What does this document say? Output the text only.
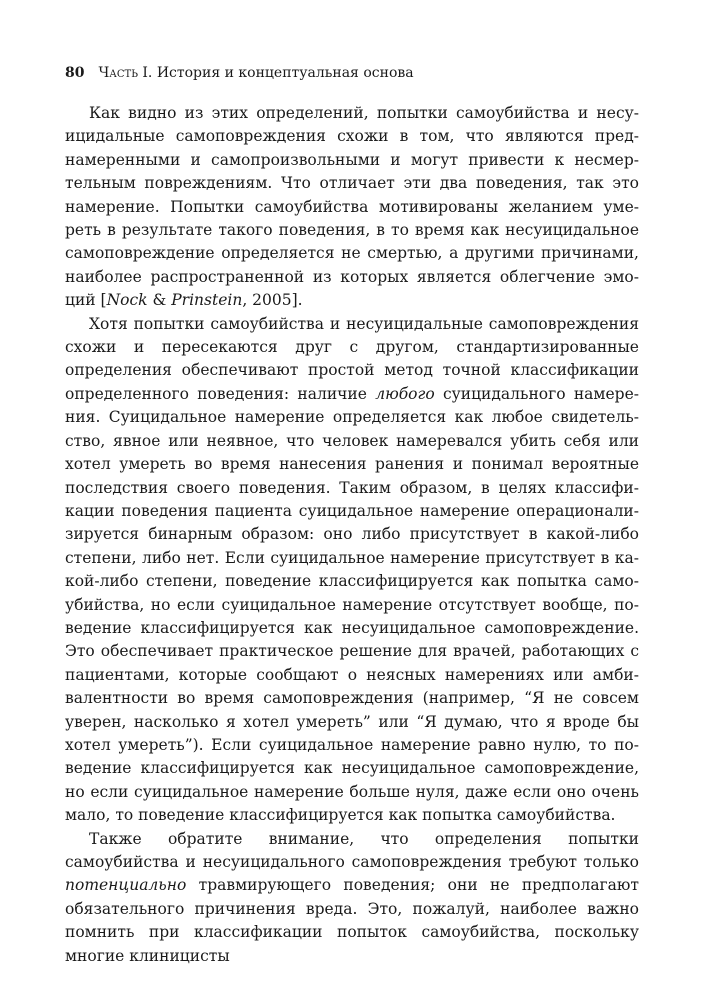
80 Часть I. История и концептуальная основа

Как видно из этих определений, попытки самоубийства и несуицидальные самоповреждения схожи в том, что являются преднамеренными и самопроизвольными и могут привести к несмертельным повреждениям. Что отличает эти два поведения, так это намерение. Попытки самоубийства мотивированы желанием умереть в результате такого поведения, в то время как несуицидальное самоповреждение определяется не смертью, а другими причинами, наиболее распространенной из которых является облегчение эмоций [Nock & Prinstein, 2005].

Хотя попытки самоубийства и несуицидальные самоповреждения схожи и пересекаются друг с другом, стандартизированные определения обеспечивают простой метод точной классификации определенного поведения: наличие любого суицидального намерения. Суицидальное намерение определяется как любое свидетельство, явное или неявное, что человек намеревался убить себя или хотел умереть во время нанесения ранения и понимал вероятные последствия своего поведения. Таким образом, в целях классификации поведения пациента суицидальное намерение операционализируется бинарным образом: оно либо присутствует в какой-либо степени, либо нет. Если суицидальное намерение присутствует в какой-либо степени, поведение классифицируется как попытка самоубийства, но если суицидальное намерение отсутствует вообще, поведение классифицируется как несуицидальное самоповреждение. Это обеспечивает практическое решение для врачей, работающих с пациентами, которые сообщают о неясных намерениях или амбивалентности во время самоповреждения (например, “Я не совсем уверен, насколько я хотел умереть” или “Я думаю, что я вроде бы хотел умереть”). Если суицидальное намерение равно нулю, то поведение классифицируется как несуицидальное самоповреждение, но если суицидальное намерение больше нуля, даже если оно очень мало, то поведение классифицируется как попытка самоубийства.

Также обратите внимание, что определения попытки самоубийства и несуицидального самоповреждения требуют только потенциально травмирующего поведения; они не предполагают обязательного причинения вреда. Это, пожалуй, наиболее важно помнить при классификации попыток самоубийства, поскольку многие клиницисты
